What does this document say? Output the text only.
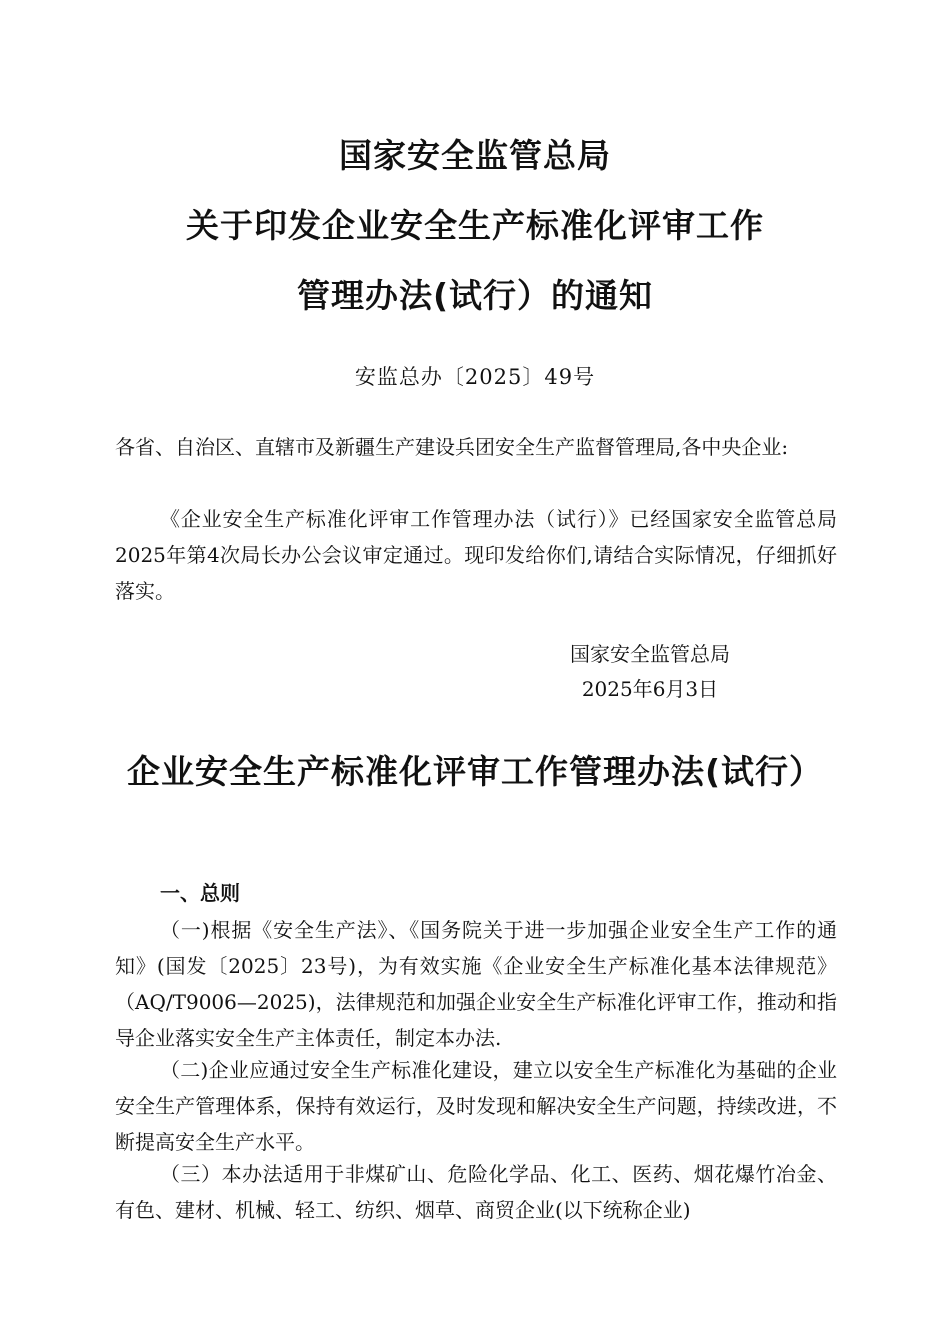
国家安全监管总局
关于印发企业安全生产标准化评审工作
管理办法(试行）的通知
安监总办〔2025〕49号

各省、自治区、直辖市及新疆生产建设兵团安全生产监督管理局,各中央企业:

《企业安全生产标准化评审工作管理办法（试行）》已经国家安全监管总局2025年第4次局长办公会议审定通过。现印发给你们,请结合实际情况，仔细抓好落实。

国家安全监管总局
2025年6月3日
企业安全生产标准化评审工作管理办法(试行）
一、总则

（一)根据《安全生产法》、《国务院关于进一步加强企业安全生产工作的通知》(国发〔2025〕23号)，为有效实施《企业安全生产标准化基本法律规范》（AQ/T9006—2025)，法律规范和加强企业安全生产标准化评审工作，推动和指导企业落实安全生产主体责任，制定本办法.

（二)企业应通过安全生产标准化建设，建立以安全生产标准化为基础的企业安全生产管理体系，保持有效运行，及时发现和解决安全生产问题，持续改进，不断提高安全生产水平。

（三）本办法适用于非煤矿山、危险化学品、化工、医药、烟花爆竹冶金、有色、建材、机械、轻工、纺织、烟草、商贸企业(以下统称企业)
